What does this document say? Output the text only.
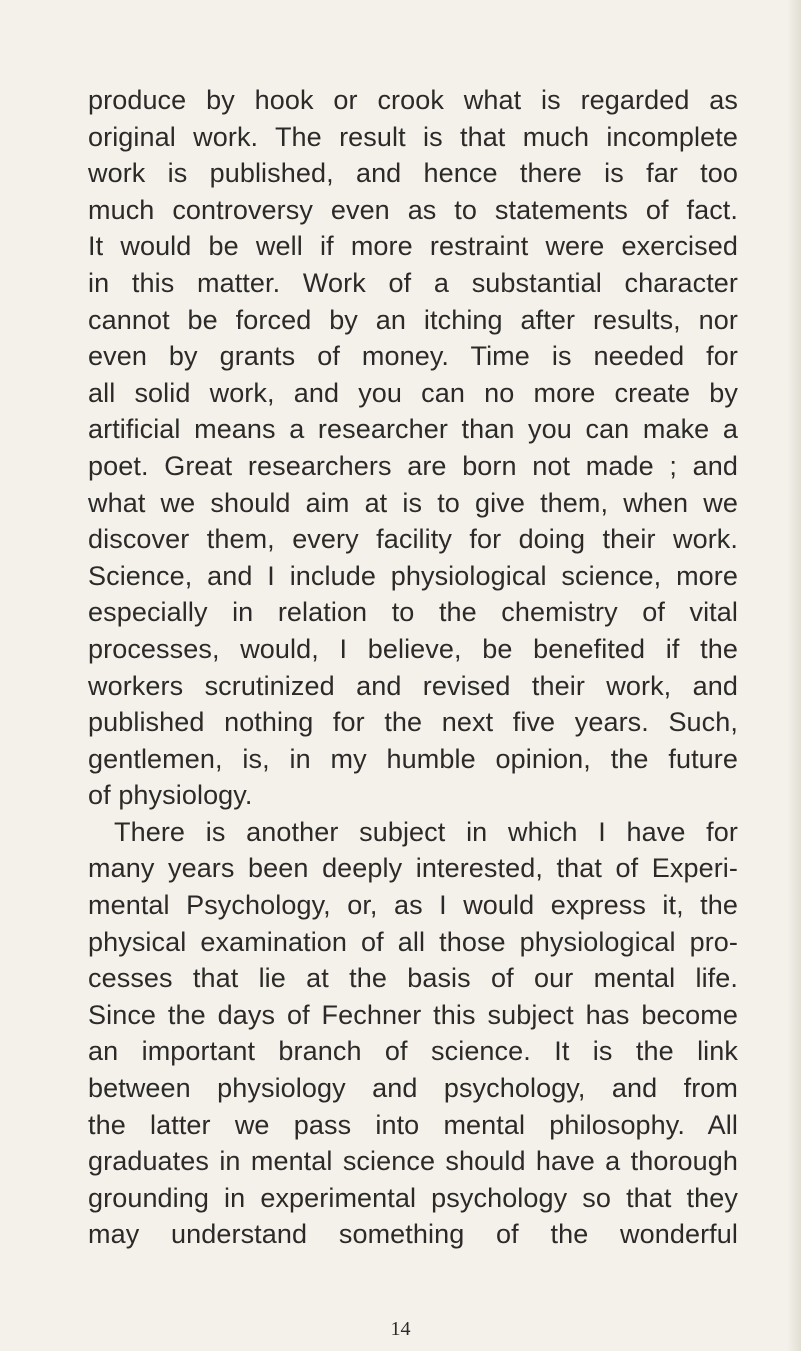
produce by hook or crook what is regarded as
original work. The result is that much incomplete
work is published, and hence there is far too
much controversy even as to statements of fact.
It would be well if more restraint were exercised
in this matter. Work of a substantial character
cannot be forced by an itching after results, nor
even by grants of money. Time is needed for
all solid work, and you can no more create by
artificial means a researcher than you can make a
poet. Great researchers are born not made ; and
what we should aim at is to give them, when we
discover them, every facility for doing their work.
Science, and I include physiological science, more
especially in relation to the chemistry of vital
processes, would, I believe, be benefited if the
workers scrutinized and revised their work, and
published nothing for the next five years. Such,
gentlemen, is, in my humble opinion, the future
of physiology.
There is another subject in which I have for
many years been deeply interested, that of Experi-
mental Psychology, or, as I would express it, the
physical examination of all those physiological pro-
cesses that lie at the basis of our mental life.
Since the days of Fechner this subject has become
an important branch of science. It is the link
between physiology and psychology, and from
the latter we pass into mental philosophy. All
graduates in mental science should have a thorough
grounding in experimental psychology so that they
may understand something of the wonderful
14
